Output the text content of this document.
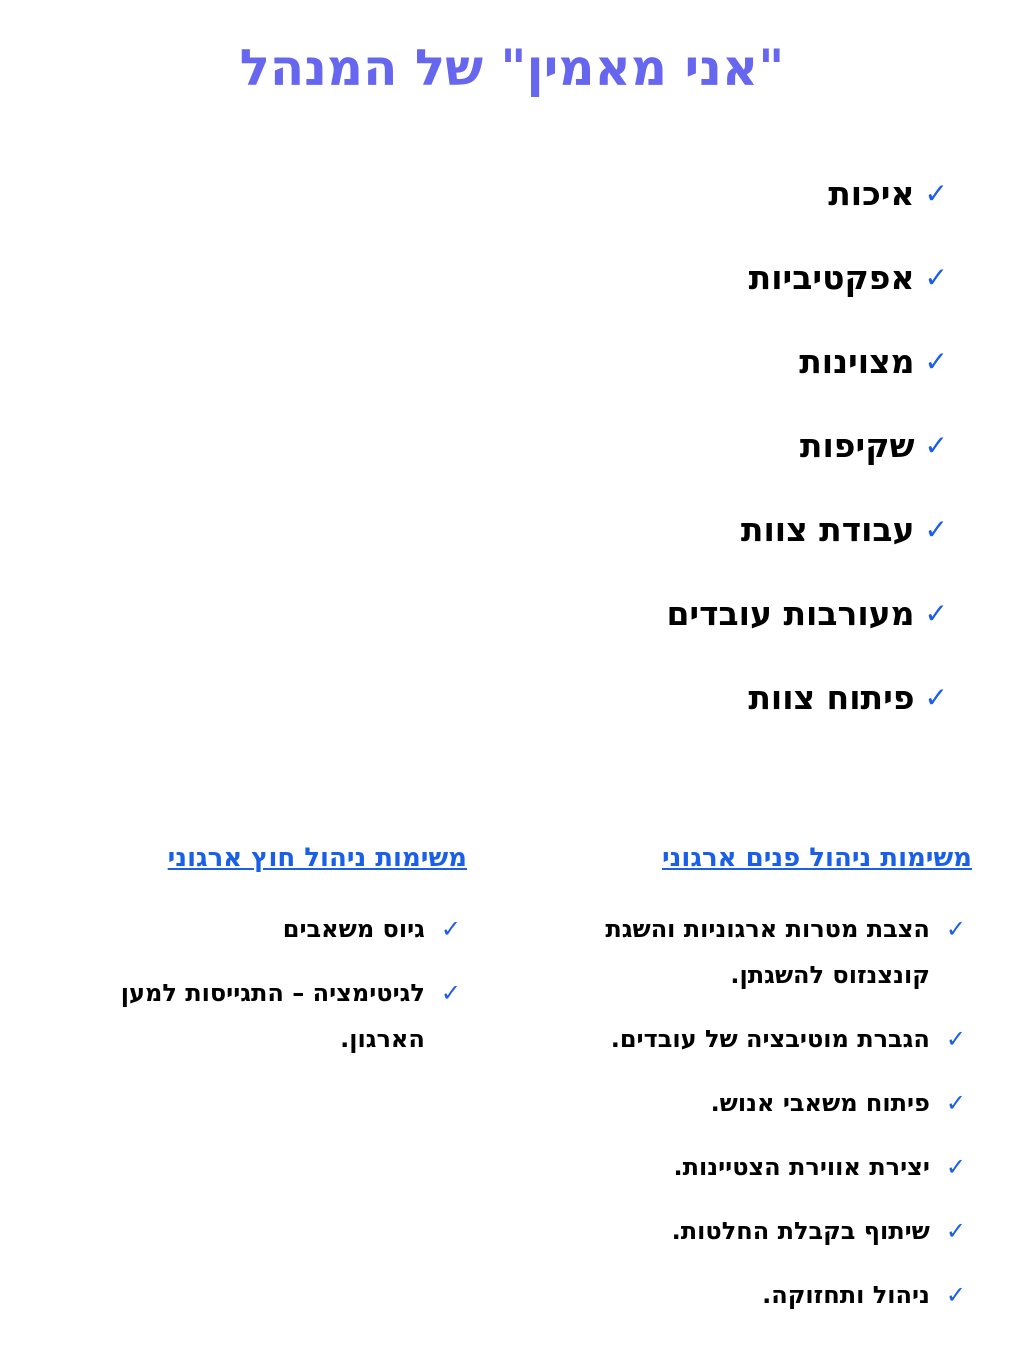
"אני מאמין" של המנהל
✓איכות
✓אפקטיביות
✓מצוינות
✓שקיפות
✓עבודת צוות
✓מעורבות עובדים
✓פיתוח צוות
משימות ניהול פנים ארגוני
✓
הצבת מטרות ארגוניות והשגת קונצנזוס להשגתן.
✓
הגברת מוטיבציה של עובדים.
✓
פיתוח משאבי אנוש.
✓
יצירת אווירת הצטיינות.
✓
שיתוף בקבלת החלטות.
✓
ניהול ותחזוקה.
משימות ניהול חוץ ארגוני
✓
גיוס משאבים
✓
לגיטימציה – התגייסות למען הארגון.
